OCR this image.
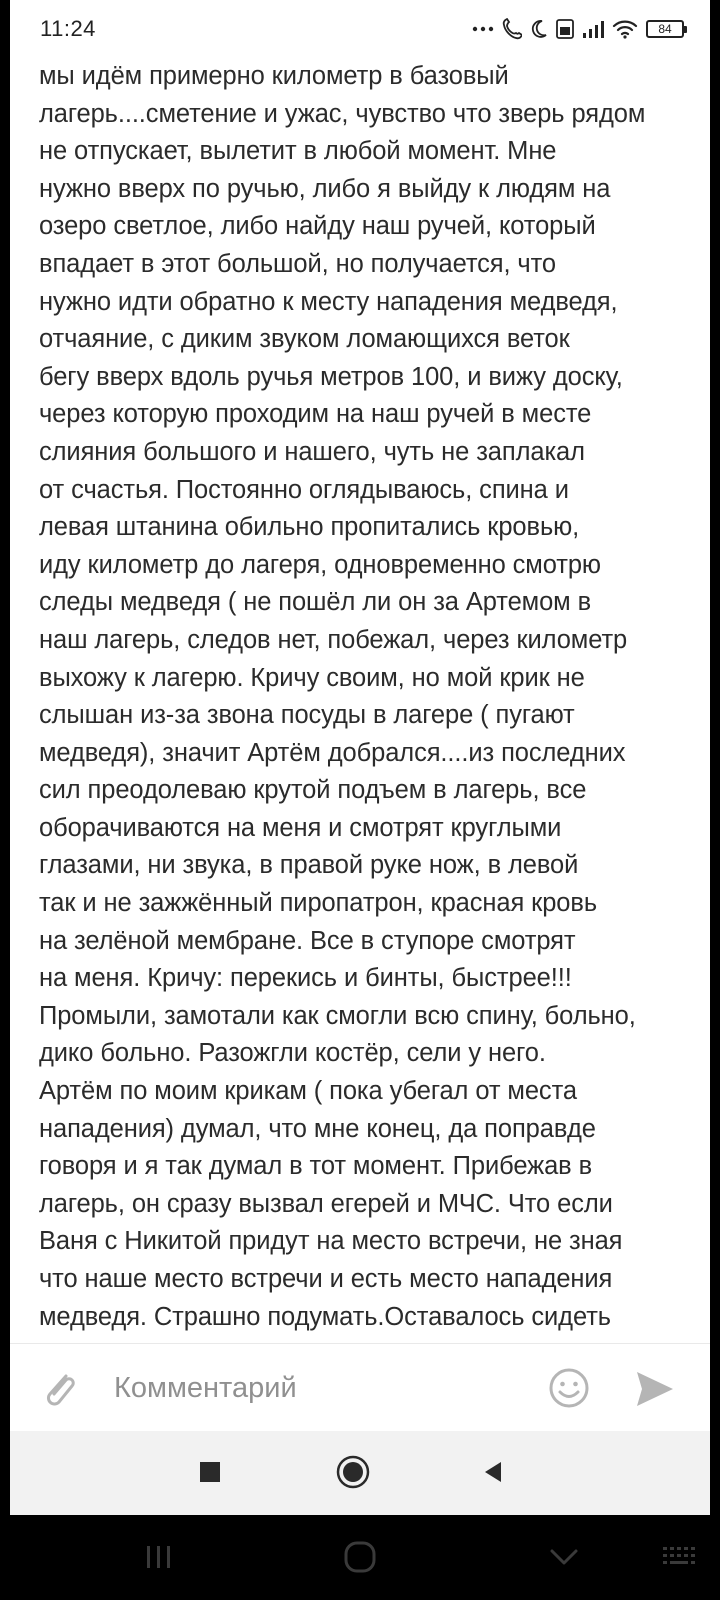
11:24	84

мы идём примерно километр в базовый
лагерь....сметение и ужас, чувство что зверь рядом
не отпускает, вылетит в любой момент. Мне
нужно вверх по ручью, либо я выйду к людям на
озеро светлое, либо найду наш ручей, который
впадает в этот большой, но получается, что
нужно идти обратно к месту нападения медведя,
отчаяние, с диким звуком ломающихся веток
бегу вверх вдоль ручья метров 100, и вижу доску,
через которую проходим на наш ручей в месте
слияния большого и нашего, чуть не заплакал
от счастья. Постоянно оглядываюсь, спина и
левая штанина обильно пропитались кровью,
иду километр до лагеря, одновременно смотрю
следы медведя ( не пошёл ли он за Артемом в
наш лагерь, следов нет, побежал, через километр
выхожу к лагерю. Кричу своим, но мой крик не
слышан из-за звона посуды в лагере ( пугают
медведя), значит Артём добрался....из последних
сил преодолеваю крутой подъем в лагерь, все
оборачиваются на меня и смотрят круглыми
глазами, ни звука, в правой руке нож, в левой
так и не зажжённый пиропатрон, красная кровь
на зелёной мембране. Все в ступоре смотрят
на меня. Кричу: перекись и бинты, быстрее!!!
Промыли, замотали как смогли всю спину, больно,
дико больно. Разожгли костёр, сели у него.
Артём по моим крикам ( пока убегал от места
нападения) думал, что мне конец, да поправде
говоря и я так думал в тот момент. Прибежав в
лагерь, он сразу вызвал егерей и МЧС. Что если
Ваня с Никитой придут на место встречи, не зная
что наше место встречи и есть место нападения
медведя. Страшно подумать.Оставалось сидеть

Комментарий
